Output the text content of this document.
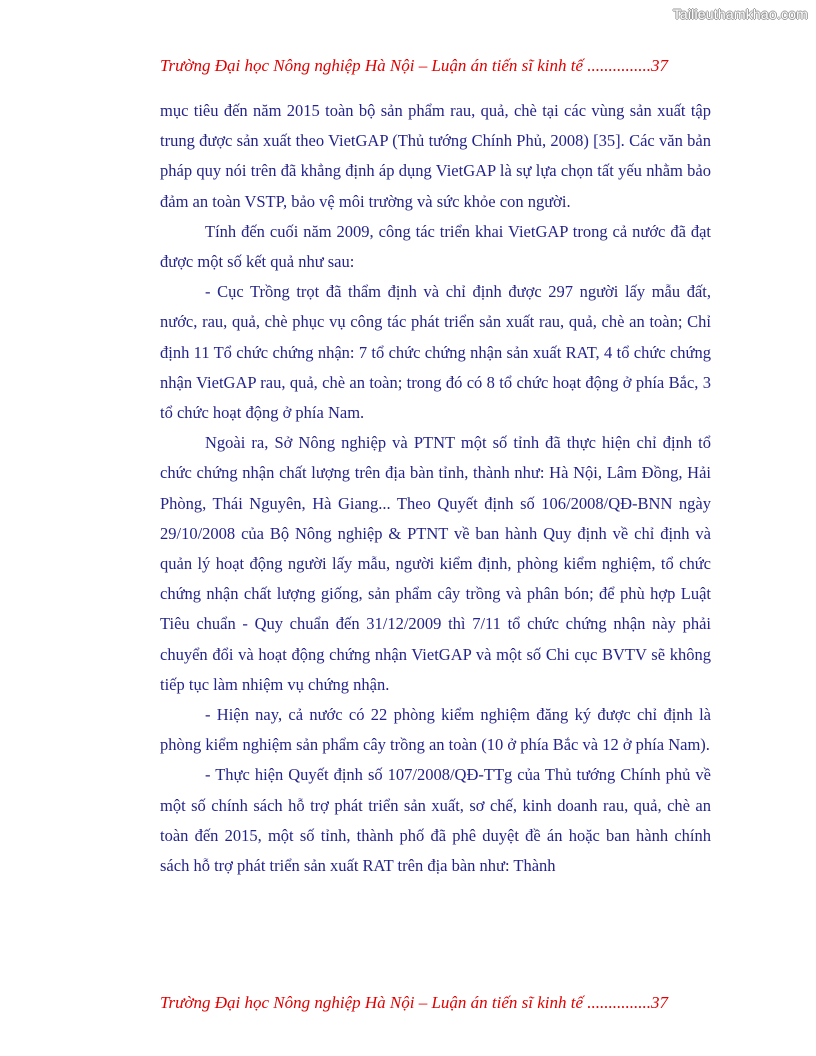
Tailieuthamkhao.com
Trường Đại học Nông nghiệp Hà Nội – Luận án tiến sĩ kinh tế ...............37

mục tiêu đến năm 2015 toàn bộ sản phẩm rau, quả, chè tại các vùng sản xuất tập trung được sản xuất theo VietGAP (Thủ tướng Chính Phủ, 2008) [35]. Các văn bản pháp quy nói trên đã khẳng định áp dụng VietGAP là sự lựa chọn tất yếu nhằm bảo đảm an toàn VSTP, bảo vệ môi trường và sức khỏe con người.

Tính đến cuối năm 2009, công tác triển khai VietGAP trong cả nước đã đạt được một số kết quả như sau:

- Cục Trồng trọt đã thẩm định và chỉ định được 297 người lấy mẫu đất, nước, rau, quả, chè phục vụ công tác phát triển sản xuất rau, quả, chè an toàn; Chỉ định 11 Tổ chức chứng nhận: 7 tổ chức chứng nhận sản xuất RAT, 4 tổ chức chứng nhận VietGAP rau, quả, chè an toàn; trong đó có 8 tổ chức hoạt động ở phía Bắc, 3 tổ chức hoạt động ở phía Nam.

Ngoài ra, Sở Nông nghiệp và PTNT một số tỉnh đã thực hiện chỉ định tổ chức chứng nhận chất lượng trên địa bàn tỉnh, thành như: Hà Nội, Lâm Đồng, Hải Phòng, Thái Nguyên, Hà Giang... Theo Quyết định số 106/2008/QĐ-BNN ngày 29/10/2008 của Bộ Nông nghiệp & PTNT về ban hành Quy định về chỉ định và quản lý hoạt động người lấy mẫu, người kiểm định, phòng kiểm nghiệm, tổ chức chứng nhận chất lượng giống, sản phẩm cây trồng và phân bón; để phù hợp Luật Tiêu chuẩn - Quy chuẩn đến 31/12/2009 thì 7/11 tổ chức chứng nhận này phải chuyển đổi và hoạt động chứng nhận VietGAP và một số Chi cục BVTV sẽ không tiếp tục làm nhiệm vụ chứng nhận.

- Hiện nay, cả nước có 22 phòng kiểm nghiệm đăng ký được chỉ định là phòng kiểm nghiệm sản phẩm cây trồng an toàn (10 ở phía Bắc và 12 ở phía Nam).

- Thực hiện Quyết định số 107/2008/QĐ-TTg của Thủ tướng Chính phủ về một số chính sách hỗ trợ phát triển sản xuất, sơ chế, kinh doanh rau, quả, chè an toàn đến 2015, một số tỉnh, thành phố đã phê duyệt đề án hoặc ban hành chính sách hỗ trợ phát triển sản xuất RAT trên địa bàn như: Thành

Trường Đại học Nông nghiệp Hà Nội – Luận án tiến sĩ kinh tế ...............37
